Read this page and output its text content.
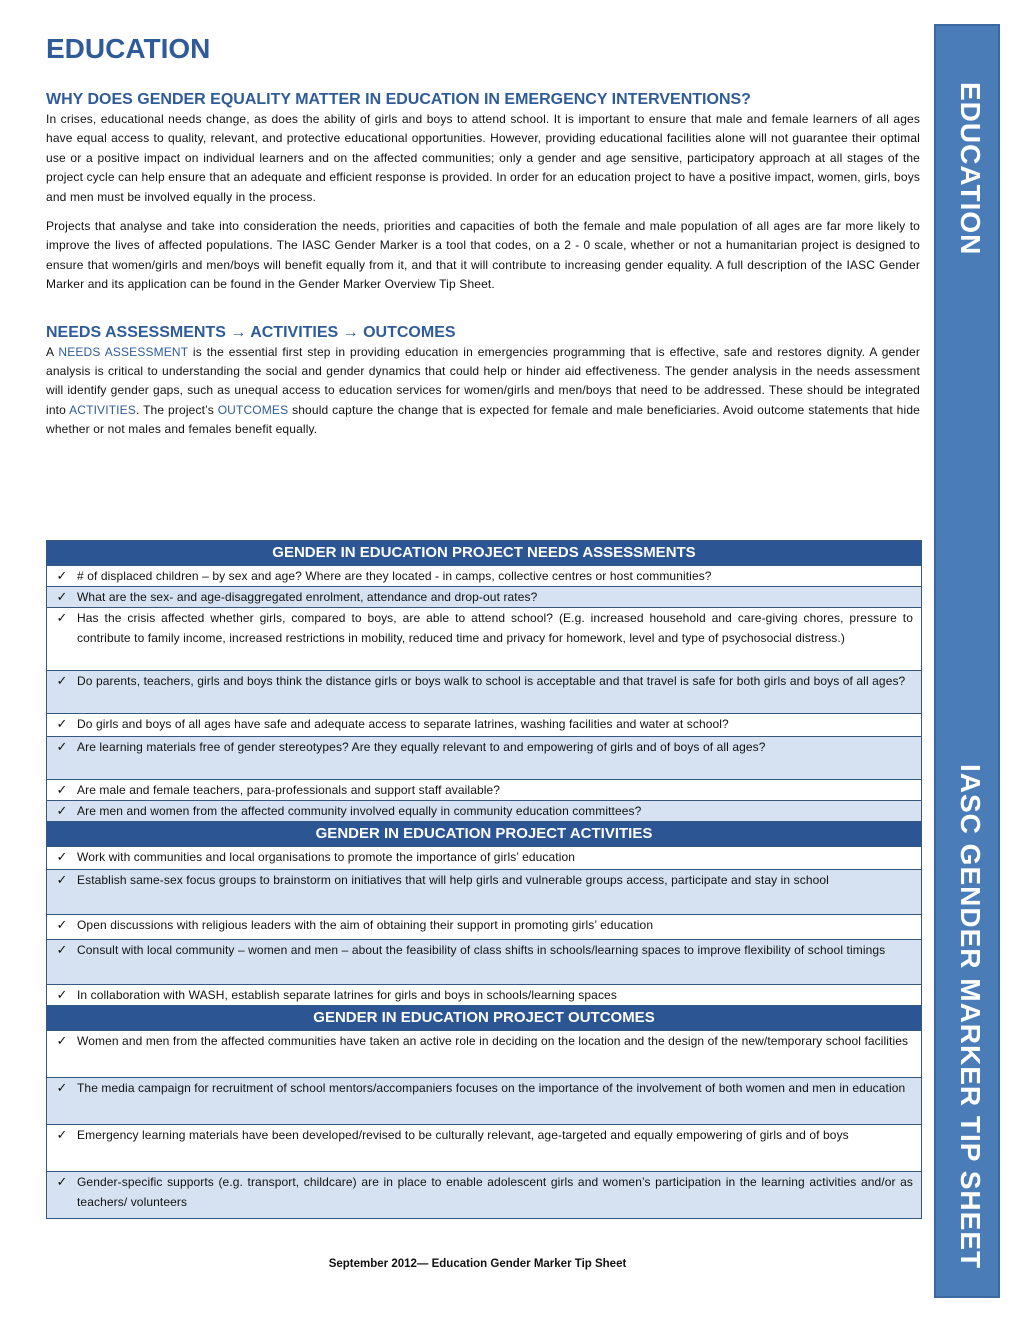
EDUCATION
WHY DOES GENDER EQUALITY MATTER IN EDUCATION IN EMERGENCY INTERVENTIONS?

In crises, educational needs change, as does the ability of girls and boys to attend school. It is important to ensure that male and female learners of all ages have equal access to quality, relevant, and protective educational opportunities. However, providing educational facilities alone will not guarantee their optimal use or a positive impact on individual learners and on the affected communities; only a gender and age sensitive, participatory approach at all stages of the project cycle can help ensure that an adequate and efficient response is provided. In order for an education project to have a positive impact, women, girls, boys and men must be involved equally in the process.

Projects that analyse and take into consideration the needs, priorities and capacities of both the female and male population of all ages are far more likely to improve the lives of affected populations. The IASC Gender Marker is a tool that codes, on a 2 - 0 scale, whether or not a humanitarian project is designed to ensure that women/girls and men/boys will benefit equally from it, and that it will contribute to increasing gender equality. A full description of the IASC Gender Marker and its application can be found in the Gender Marker Overview Tip Sheet.

NEEDS ASSESSMENTS → ACTIVITIES → OUTCOMES

A NEEDS ASSESSMENT is the essential first step in providing education in emergencies programming that is effective, safe and restores dignity. A gender analysis is critical to understanding the social and gender dynamics that could help or hinder aid effectiveness. The gender analysis in the needs assessment will identify gender gaps, such as unequal access to education services for women/girls and men/boys that need to be addressed. These should be integrated into ACTIVITIES. The project’s OUTCOMES should capture the change that is expected for female and male beneficiaries. Avoid outcome statements that hide whether or not males and females benefit equally.

GENDER IN EDUCATION PROJECT NEEDS ASSESSMENTS
✓ # of displaced children – by sex and age? Where are they located - in camps, collective centres or host communities?
✓ What are the sex- and age-disaggregated enrolment, attendance and drop-out rates?
✓ Has the crisis affected whether girls, compared to boys, are able to attend school? (E.g. increased household and care-giving chores, pressure to contribute to family income, increased restrictions in mobility, reduced time and privacy for homework, level and type of psychosocial distress.)
✓ Do parents, teachers, girls and boys think the distance girls or boys walk to school is acceptable and that travel is safe for both girls and boys of all ages?
✓ Do girls and boys of all ages have safe and adequate access to separate latrines, washing facilities and water at school?
✓ Are learning materials free of gender stereotypes? Are they equally relevant to and empowering of girls and of boys of all ages?
✓ Are male and female teachers, para-professionals and support staff available?
✓ Are men and women from the affected community involved equally in community education committees?
GENDER IN EDUCATION PROJECT ACTIVITIES
✓ Work with communities and local organisations to promote the importance of girls’ education
✓ Establish same-sex focus groups to brainstorm on initiatives that will help girls and vulnerable groups access, participate and stay in school
✓ Open discussions with religious leaders with the aim of obtaining their support in promoting girls’ education
✓ Consult with local community – women and men – about the feasibility of class shifts in schools/learning spaces to improve flexibility of school timings
✓ In collaboration with WASH, establish separate latrines for girls and boys in schools/learning spaces
GENDER IN EDUCATION PROJECT OUTCOMES
✓ Women and men from the affected communities have taken an active role in deciding on the location and the design of the new/temporary school facilities
✓ The media campaign for recruitment of school mentors/accompaniers focuses on the importance of the involvement of both women and men in education
✓ Emergency learning materials have been developed/revised to be culturally relevant, age-targeted and equally empowering of girls and of boys
✓ Gender-specific supports (e.g. transport, childcare) are in place to enable adolescent girls and women’s participation in the learning activities and/or as teachers/ volunteers
September 2012— Education Gender Marker Tip Sheet
EDUCATION
IASC GENDER MARKER TIP SHEET
